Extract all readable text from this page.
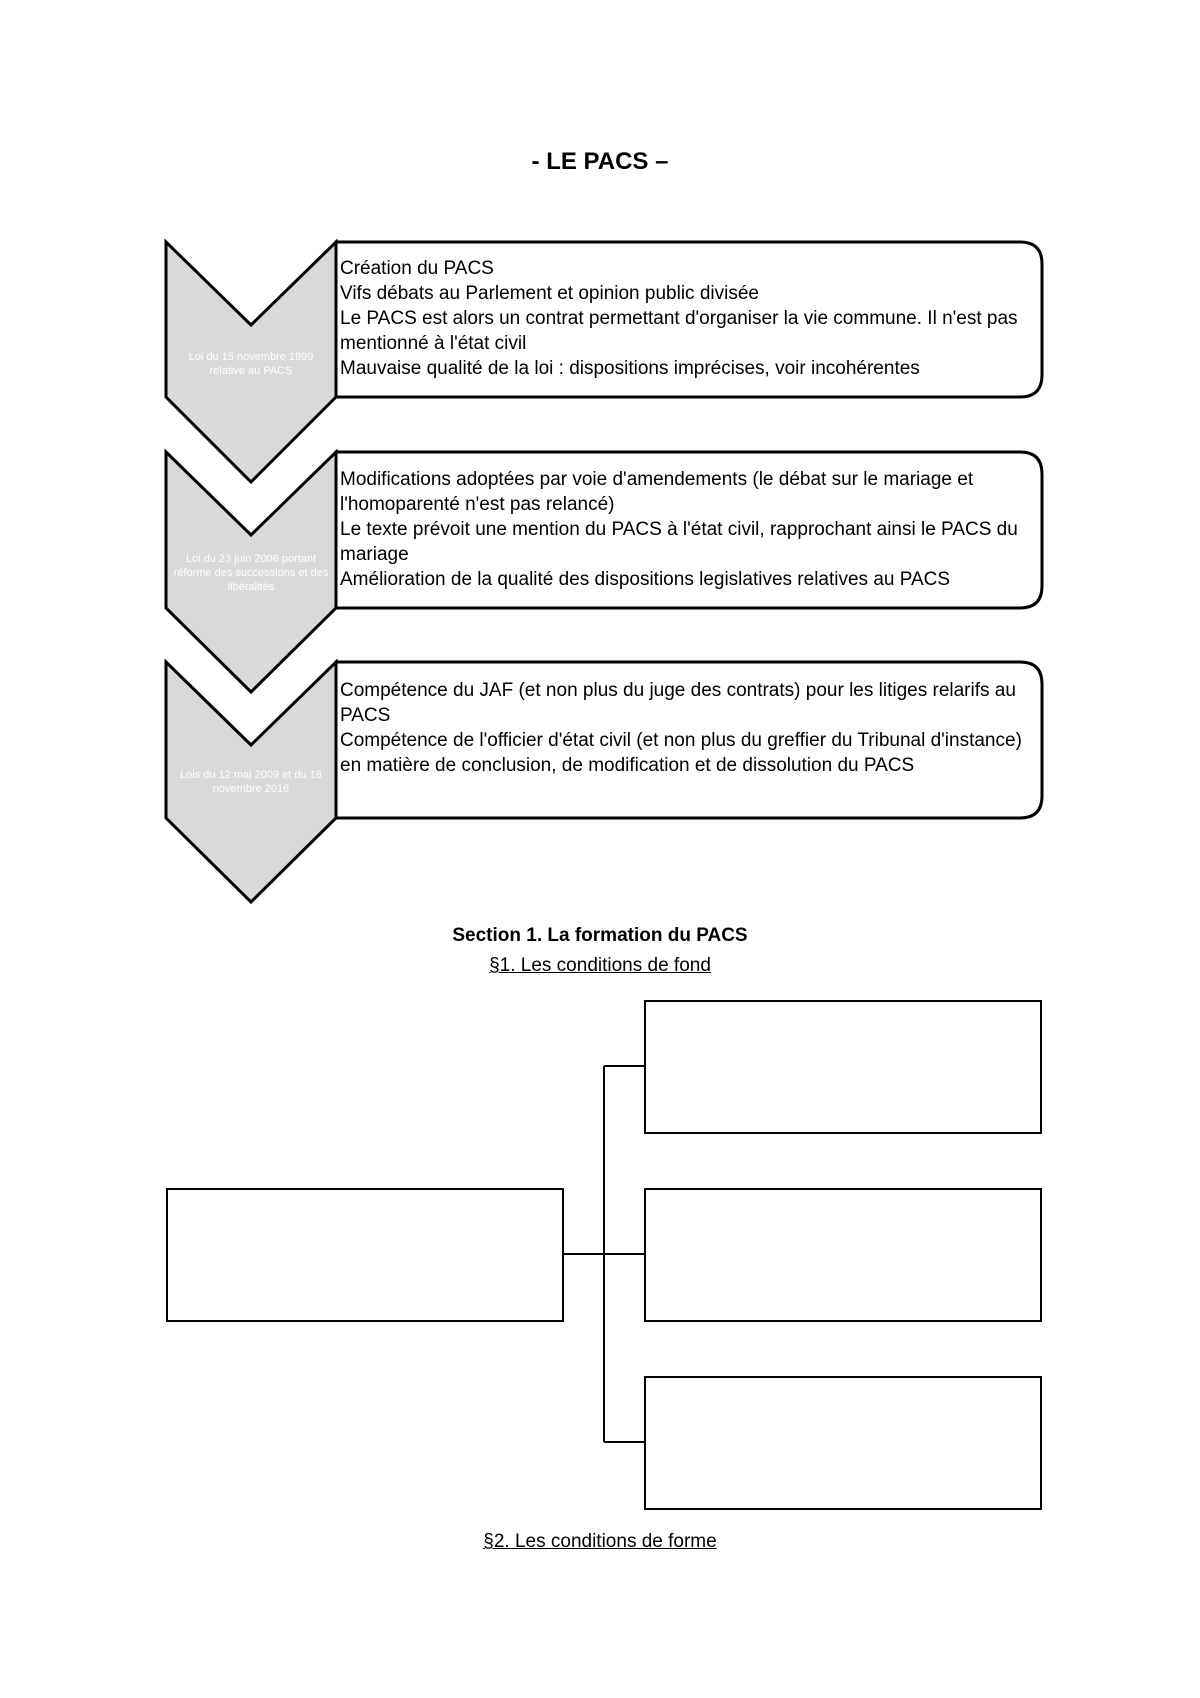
- LE PACS –
Loi du 15 novembre 1999 relative au PACS
Loi du 23 juin 2006 portant réforme des successions et des libéralités
Lois du 12 mai 2009 et du 18 novembre 2016

Création du PACS

Vifs débats au Parlement et opinion public divisée

Le PACS est alors un contrat permettant d'organiser la vie commune. Il n'est pas mentionné à l'état civil

Mauvaise qualité de la loi : dispositions imprécises, voir incohérentes

Modifications adoptées par voie d'amendements (le débat sur le mariage et l'homoparenté n'est pas relancé)

Le texte prévoit une mention du PACS à l'état civil, rapprochant ainsi le PACS du mariage

Amélioration de la qualité des dispositions legislatives relatives au PACS

Compétence du JAF (et non plus du juge des contrats) pour les litiges relarifs au PACS

Compétence de l'officier d'état civil (et non plus du greffier du Tribunal d'instance) en matière de conclusion, de modification et de dissolution du PACS

Section 1. La formation du PACS
§1. Les conditions de fond
§2. Les conditions de forme
